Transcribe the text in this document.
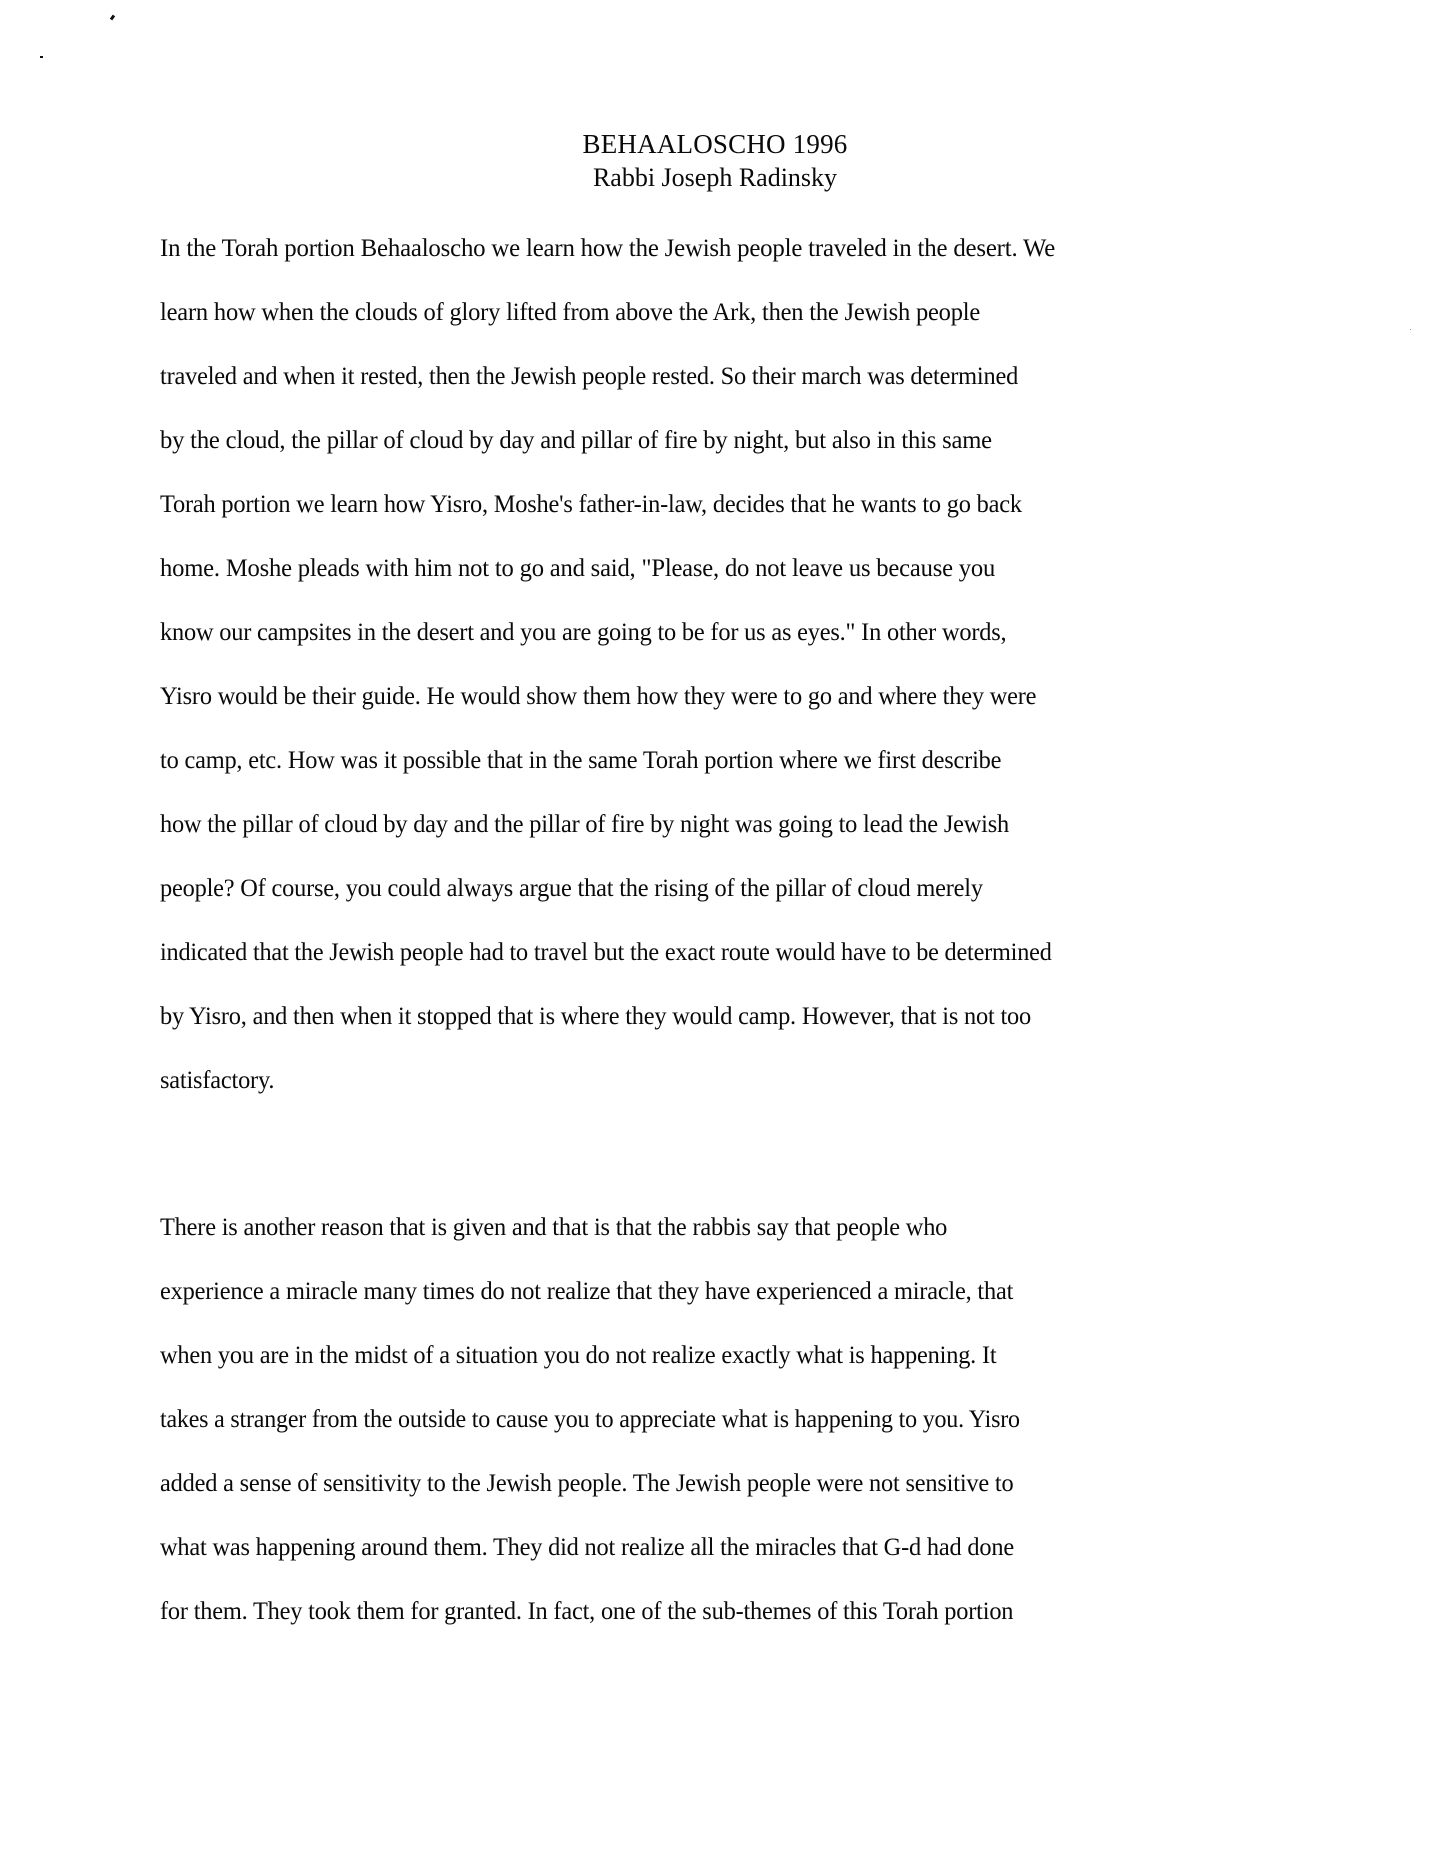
BEHAALOSCHO 1996
Rabbi Joseph Radinsky
In the Torah portion Behaaloscho we learn how the Jewish people traveled in the desert. We
learn how when the clouds of glory lifted from above the Ark, then the Jewish people
traveled and when it rested, then the Jewish people rested. So their march was determined
by the cloud, the pillar of cloud by day and pillar of fire by night, but also in this same
Torah portion we learn how Yisro, Moshe's father-in-law, decides that he wants to go back
home. Moshe pleads with him not to go and said, "Please, do not leave us because you
know our campsites in the desert and you are going to be for us as eyes." In other words,
Yisro would be their guide. He would show them how they were to go and where they were
to camp, etc. How was it possible that in the same Torah portion where we first describe
how the pillar of cloud by day and the pillar of fire by night was going to lead the Jewish
people? Of course, you could always argue that the rising of the pillar of cloud merely
indicated that the Jewish people had to travel but the exact route would have to be determined
by Yisro, and then when it stopped that is where they would camp. However, that is not too
satisfactory.
There is another reason that is given and that is that the rabbis say that people who
experience a miracle many times do not realize that they have experienced a miracle, that
when you are in the midst of a situation you do not realize exactly what is happening. It
takes a stranger from the outside to cause you to appreciate what is happening to you. Yisro
added a sense of sensitivity to the Jewish people. The Jewish people were not sensitive to
what was happening around them. They did not realize all the miracles that G-d had done
for them. They took them for granted. In fact, one of the sub-themes of this Torah portion
